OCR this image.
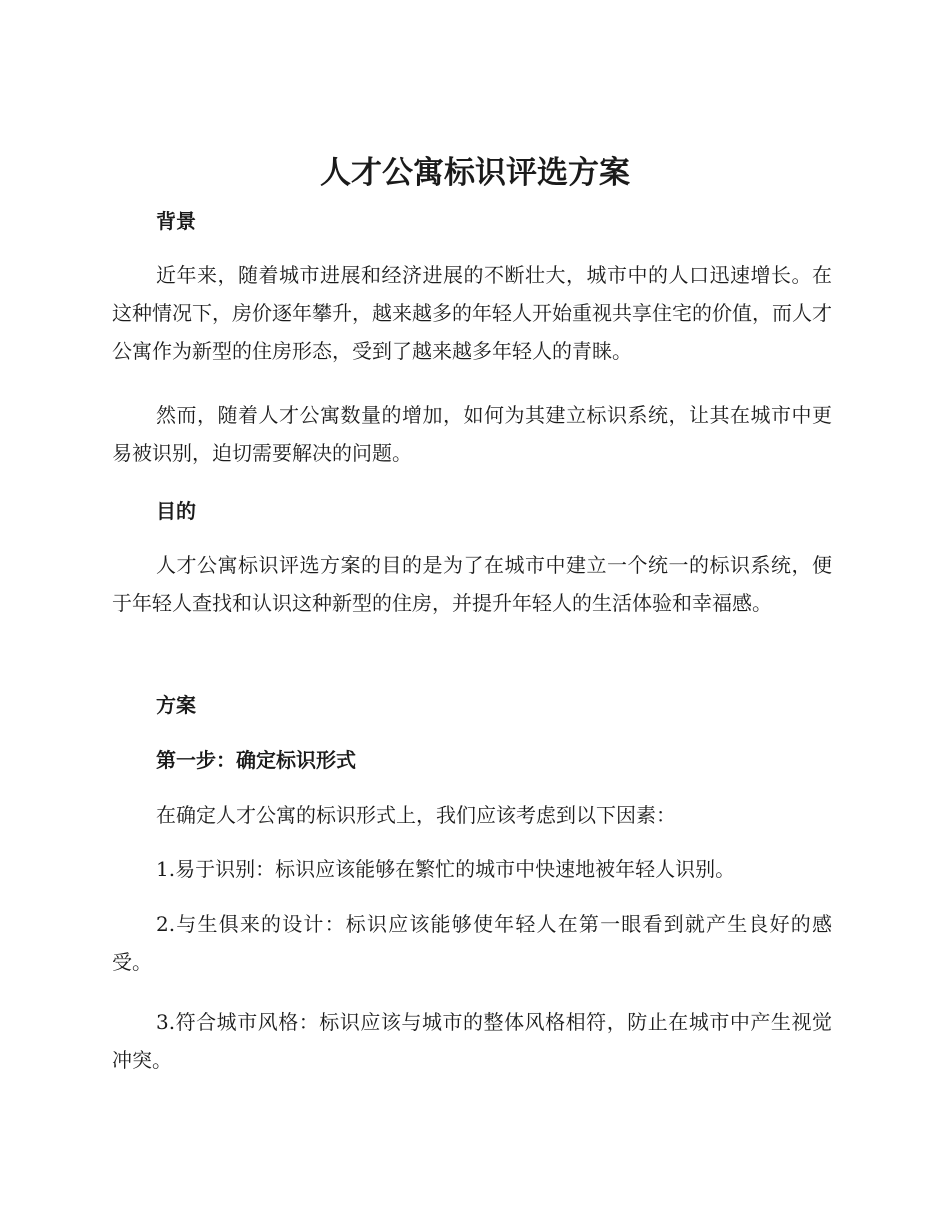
人才公寓标识评选方案
背景

近年来，随着城市进展和经济进展的不断壮大，城市中的人口迅速增长。在这种情况下，房价逐年攀升，越来越多的年轻人开始重视共享住宅的价值，而人才公寓作为新型的住房形态，受到了越来越多年轻人的青睐。

然而，随着人才公寓数量的增加，如何为其建立标识系统，让其在城市中更易被识别，迫切需要解决的问题。

目的

人才公寓标识评选方案的目的是为了在城市中建立一个统一的标识系统，便于年轻人查找和认识这种新型的住房，并提升年轻人的生活体验和幸福感。

方案
第一步：确定标识形式

在确定人才公寓的标识形式上，我们应该考虑到以下因素：

1.易于识别：标识应该能够在繁忙的城市中快速地被年轻人识别。

2.与生俱来的设计：标识应该能够使年轻人在第一眼看到就产生良好的感受。

3.符合城市风格：标识应该与城市的整体风格相符，防止在城市中产生视觉冲突。
